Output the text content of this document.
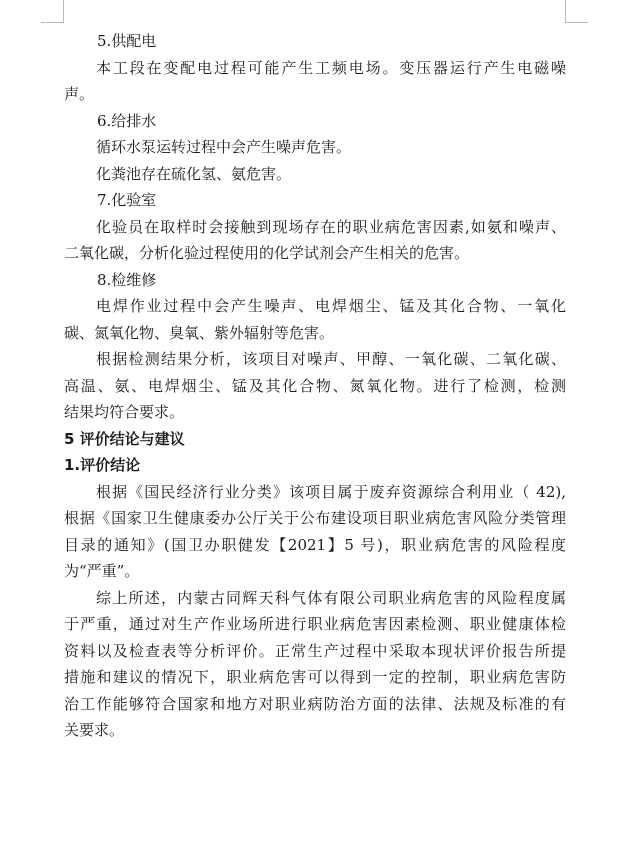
5.供配电
本工段在变配电过程可能产生工频电场。变压器运行产生电磁噪
声。
6.给排水
循环水泵运转过程中会产生噪声危害。
化粪池存在硫化氢、氨危害。
7.化验室
化验员在取样时会接触到现场存在的职业病危害因素,如氨和噪声、
二氧化碳，分析化验过程使用的化学试剂会产生相关的危害。
8.检维修
电焊作业过程中会产生噪声、电焊烟尘、锰及其化合物、一氧化
碳、氮氧化物、臭氧、紫外辐射等危害。
根据检测结果分析，该项目对噪声、甲醇、一氧化碳、二氧化碳、
高温、氨、电焊烟尘、锰及其化合物、氮氧化物。进行了检测，检测
结果均符合要求。
5 评价结论与建议
1.评价结论
根据《国民经济行业分类》该项目属于废弃资源综合利用业（ 42),
根据《国家卫生健康委办公厅关于公布建设项目职业病危害风险分类管理
目录的通知》(国卫办职健发【2021】5 号)，职业病危害的风险程度
为“严重”。
综上所述，内蒙古同辉天科气体有限公司职业病危害的风险程度属
于严重，通过对生产作业场所进行职业病危害因素检测、职业健康体检
资料以及检查表等分析评价。正常生产过程中采取本现状评价报告所提
措施和建议的情况下，职业病危害可以得到一定的控制，职业病危害防
治工作能够符合国家和地方对职业病防治方面的法律、法规及标准的有
关要求。
